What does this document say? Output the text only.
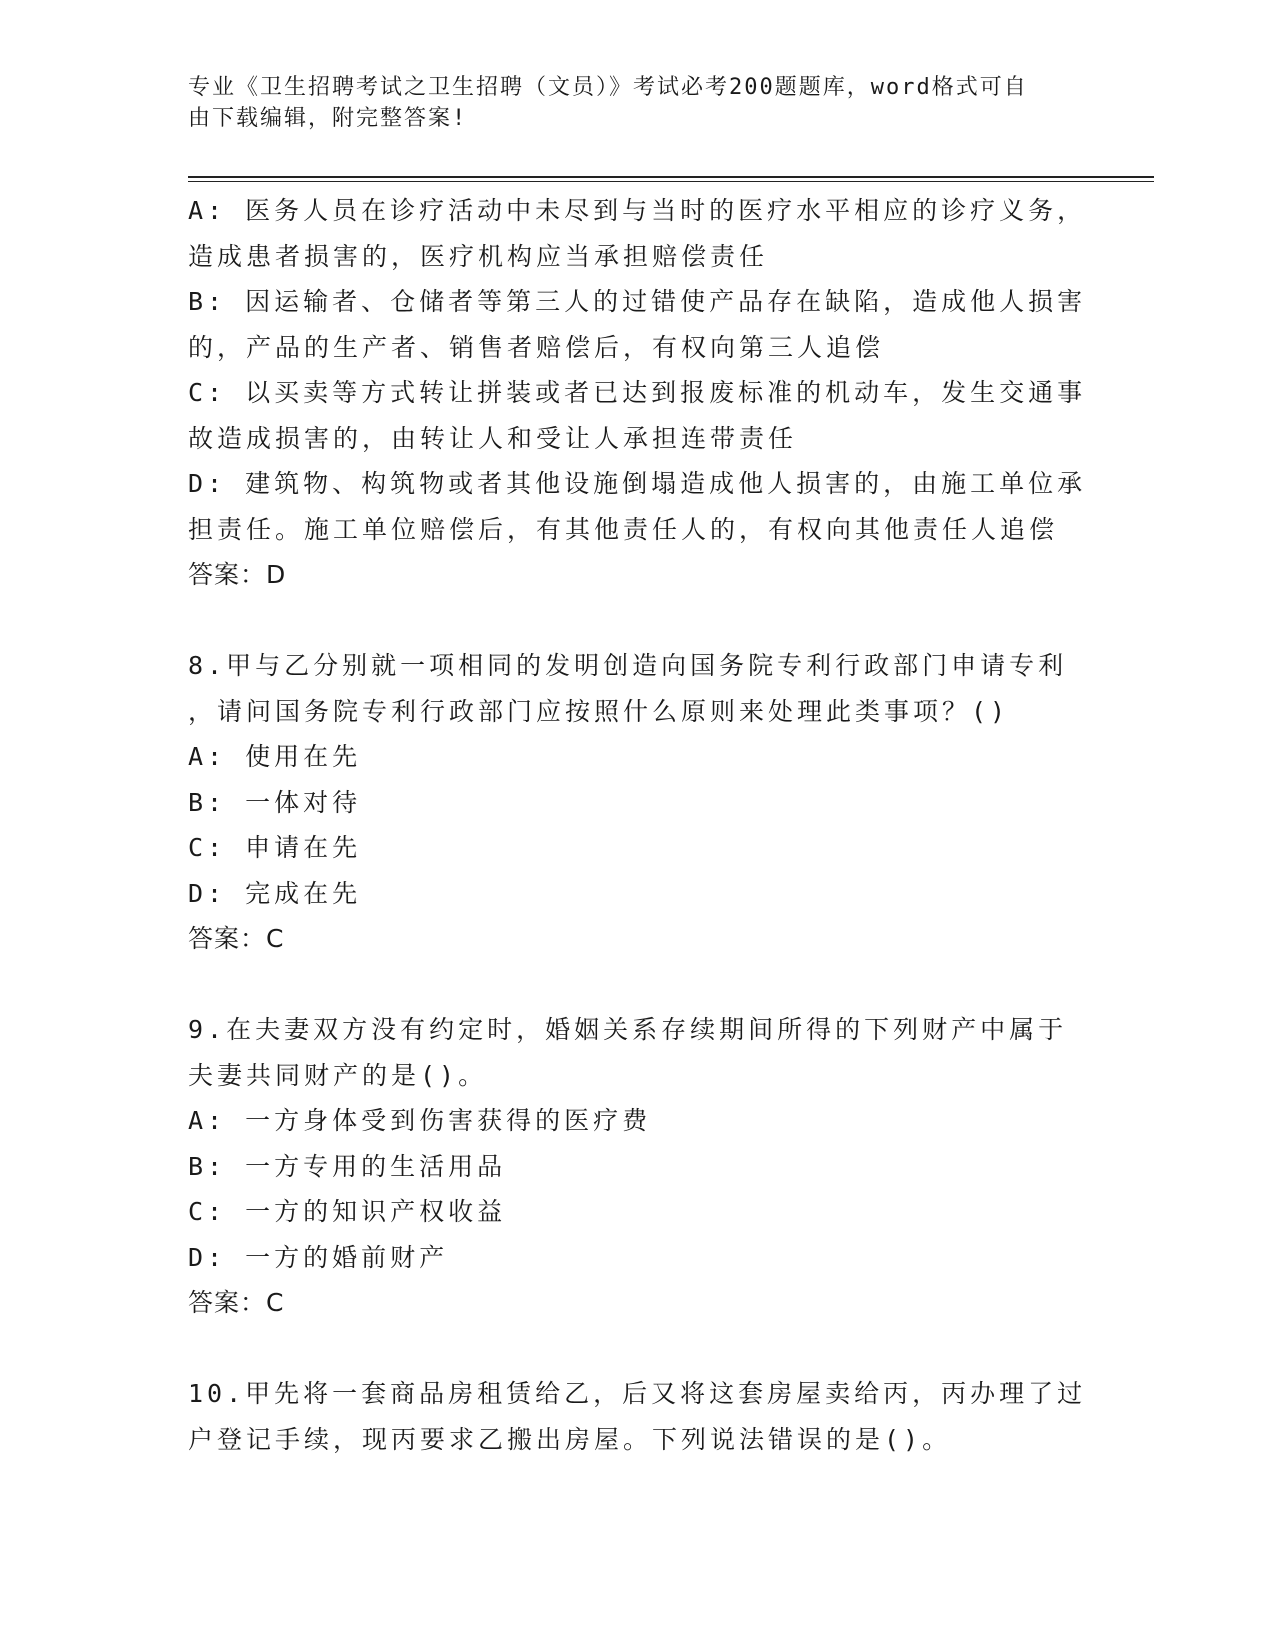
专业《卫生招聘考试之卫生招聘（文员）》考试必考200题题库，word格式可自
由下载编辑，附完整答案!
A: 医务人员在诊疗活动中未尽到与当时的医疗水平相应的诊疗义务，
造成患者损害的，医疗机构应当承担赔偿责任
B: 因运输者、仓储者等第三人的过错使产品存在缺陷，造成他人损害
的，产品的生产者、销售者赔偿后，有权向第三人追偿
C: 以买卖等方式转让拼装或者已达到报废标准的机动车，发生交通事
故造成损害的，由转让人和受让人承担连带责任
D: 建筑物、构筑物或者其他设施倒塌造成他人损害的，由施工单位承
担责任。施工单位赔偿后，有其他责任人的，有权向其他责任人追偿
答案：D
8.甲与乙分别就一项相同的发明创造向国务院专利行政部门申请专利
，请问国务院专利行政部门应按照什么原则来处理此类事项？()
A: 使用在先
B: 一体对待
C: 申请在先
D: 完成在先
答案：C
9.在夫妻双方没有约定时，婚姻关系存续期间所得的下列财产中属于
夫妻共同财产的是()。
A: 一方身体受到伤害获得的医疗费
B: 一方专用的生活用品
C: 一方的知识产权收益
D: 一方的婚前财产
答案：C
10.甲先将一套商品房租赁给乙，后又将这套房屋卖给丙，丙办理了过
户登记手续，现丙要求乙搬出房屋。下列说法错误的是()。
